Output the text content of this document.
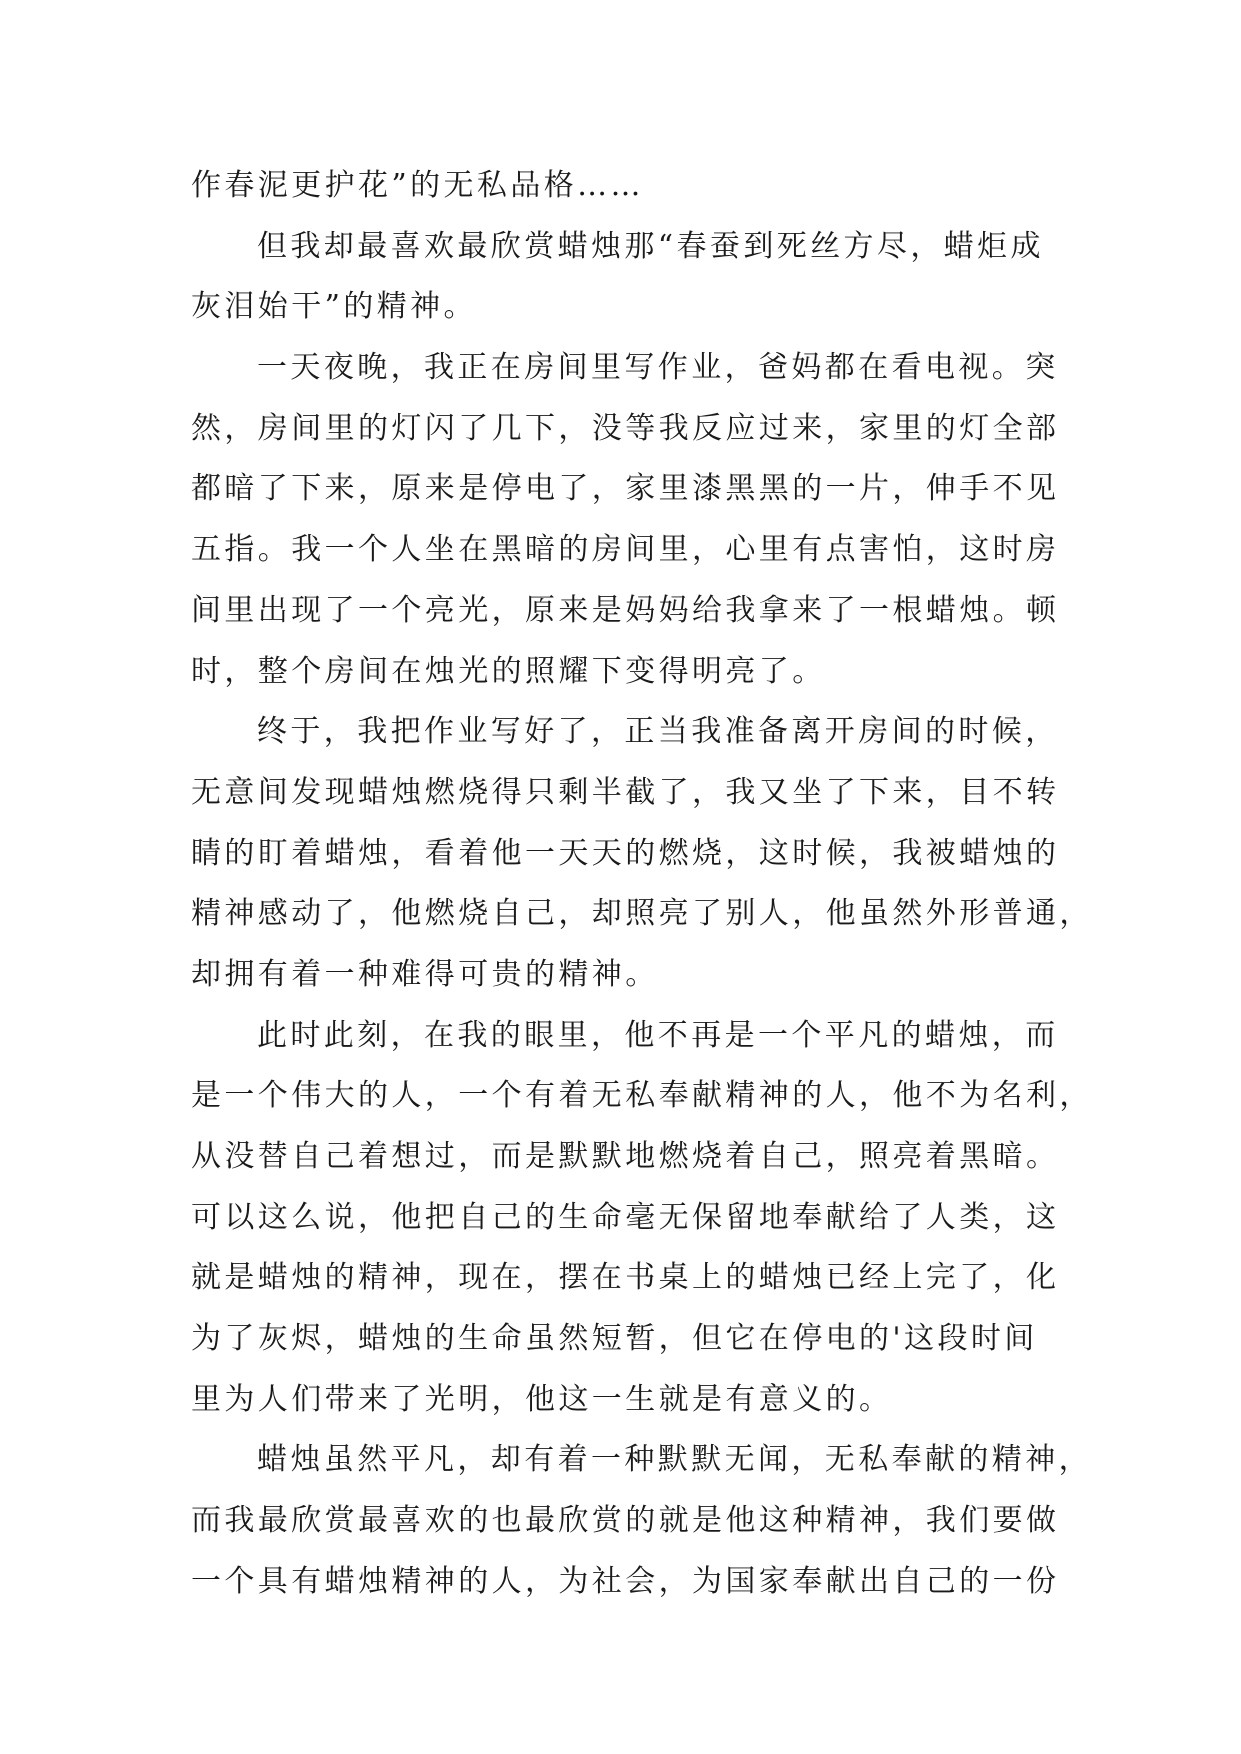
作春泥更护花”的无私品格……
但我却最喜欢最欣赏蜡烛那“春蚕到死丝方尽，蜡炬成
灰泪始干”的精神。
一天夜晚，我正在房间里写作业，爸妈都在看电视。突
然，房间里的灯闪了几下，没等我反应过来，家里的灯全部
都暗了下来，原来是停电了，家里漆黑黑的一片，伸手不见
五指。我一个人坐在黑暗的房间里，心里有点害怕，这时房
间里出现了一个亮光，原来是妈妈给我拿来了一根蜡烛。顿
时，整个房间在烛光的照耀下变得明亮了。
终于，我把作业写好了，正当我准备离开房间的时候，
无意间发现蜡烛燃烧得只剩半截了，我又坐了下来，目不转
睛的盯着蜡烛，看着他一天天的燃烧，这时候，我被蜡烛的
精神感动了，他燃烧自己，却照亮了别人，他虽然外形普通，
却拥有着一种难得可贵的精神。
此时此刻，在我的眼里，他不再是一个平凡的蜡烛，而
是一个伟大的人，一个有着无私奉献精神的人，他不为名利，
从没替自己着想过，而是默默地燃烧着自己，照亮着黑暗。
可以这么说，他把自己的生命毫无保留地奉献给了人类，这
就是蜡烛的精神，现在，摆在书桌上的蜡烛已经上完了，化
为了灰烬，蜡烛的生命虽然短暂，但它在停电的'这段时间
里为人们带来了光明，他这一生就是有意义的。
蜡烛虽然平凡，却有着一种默默无闻，无私奉献的精神，
而我最欣赏最喜欢的也最欣赏的就是他这种精神，我们要做
一个具有蜡烛精神的人，为社会，为国家奉献出自己的一份
